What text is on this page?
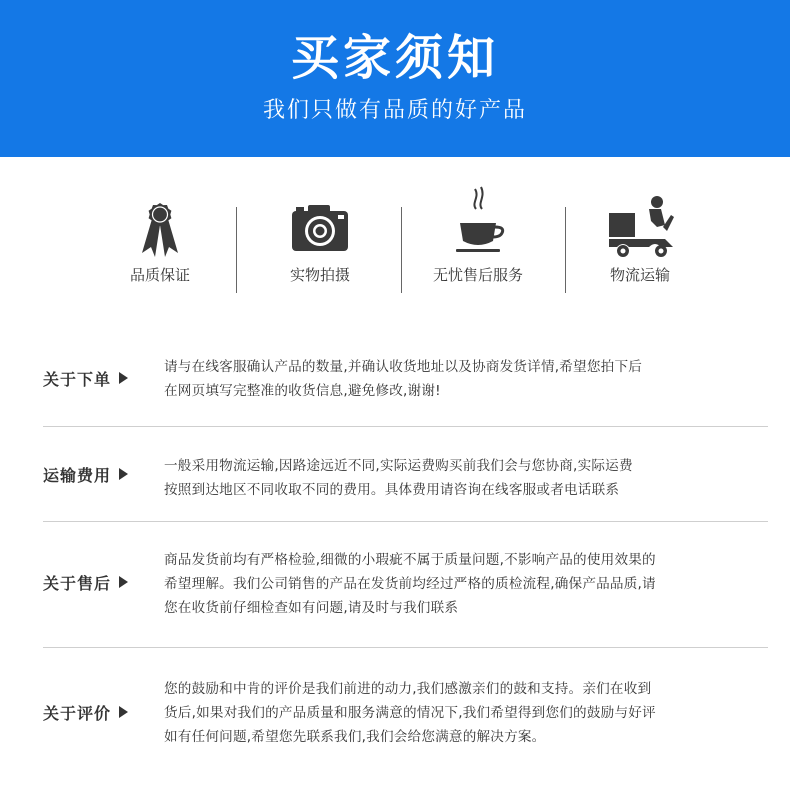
买家须知
我们只做有品质的好产品
品质保证	实物拍摄	无忧售后服务	物流运输
关于下单
请与在线客服确认产品的数量,并确认收货地址以及协商发货详情,希望您拍下后
在网页填写完整准的收货信息,避免修改,谢谢!
运输费用	一般采用物流运输,因路途远近不同,实际运费购买前我们会与您协商,实际运费
按照到达地区不同收取不同的费用。具体费用请咨询在线客服或者电话联系
关于售后
商品发货前均有严格检验,细微的小瑕疵不属于质量问题,不影响产品的使用效果的
希望理解。我们公司销售的产品在发货前均经过严格的质检流程,确保产品品质,请
您在收货前仔细检查如有问题,请及时与我们联系
关于评价
您的鼓励和中肯的评价是我们前进的动力,我们感激亲们的鼓和支持。亲们在收到
货后,如果对我们的产品质量和服务满意的情况下,我们希望得到您们的鼓励与好评
如有任何问题,希望您先联系我们,我们会给您满意的解决方案。
